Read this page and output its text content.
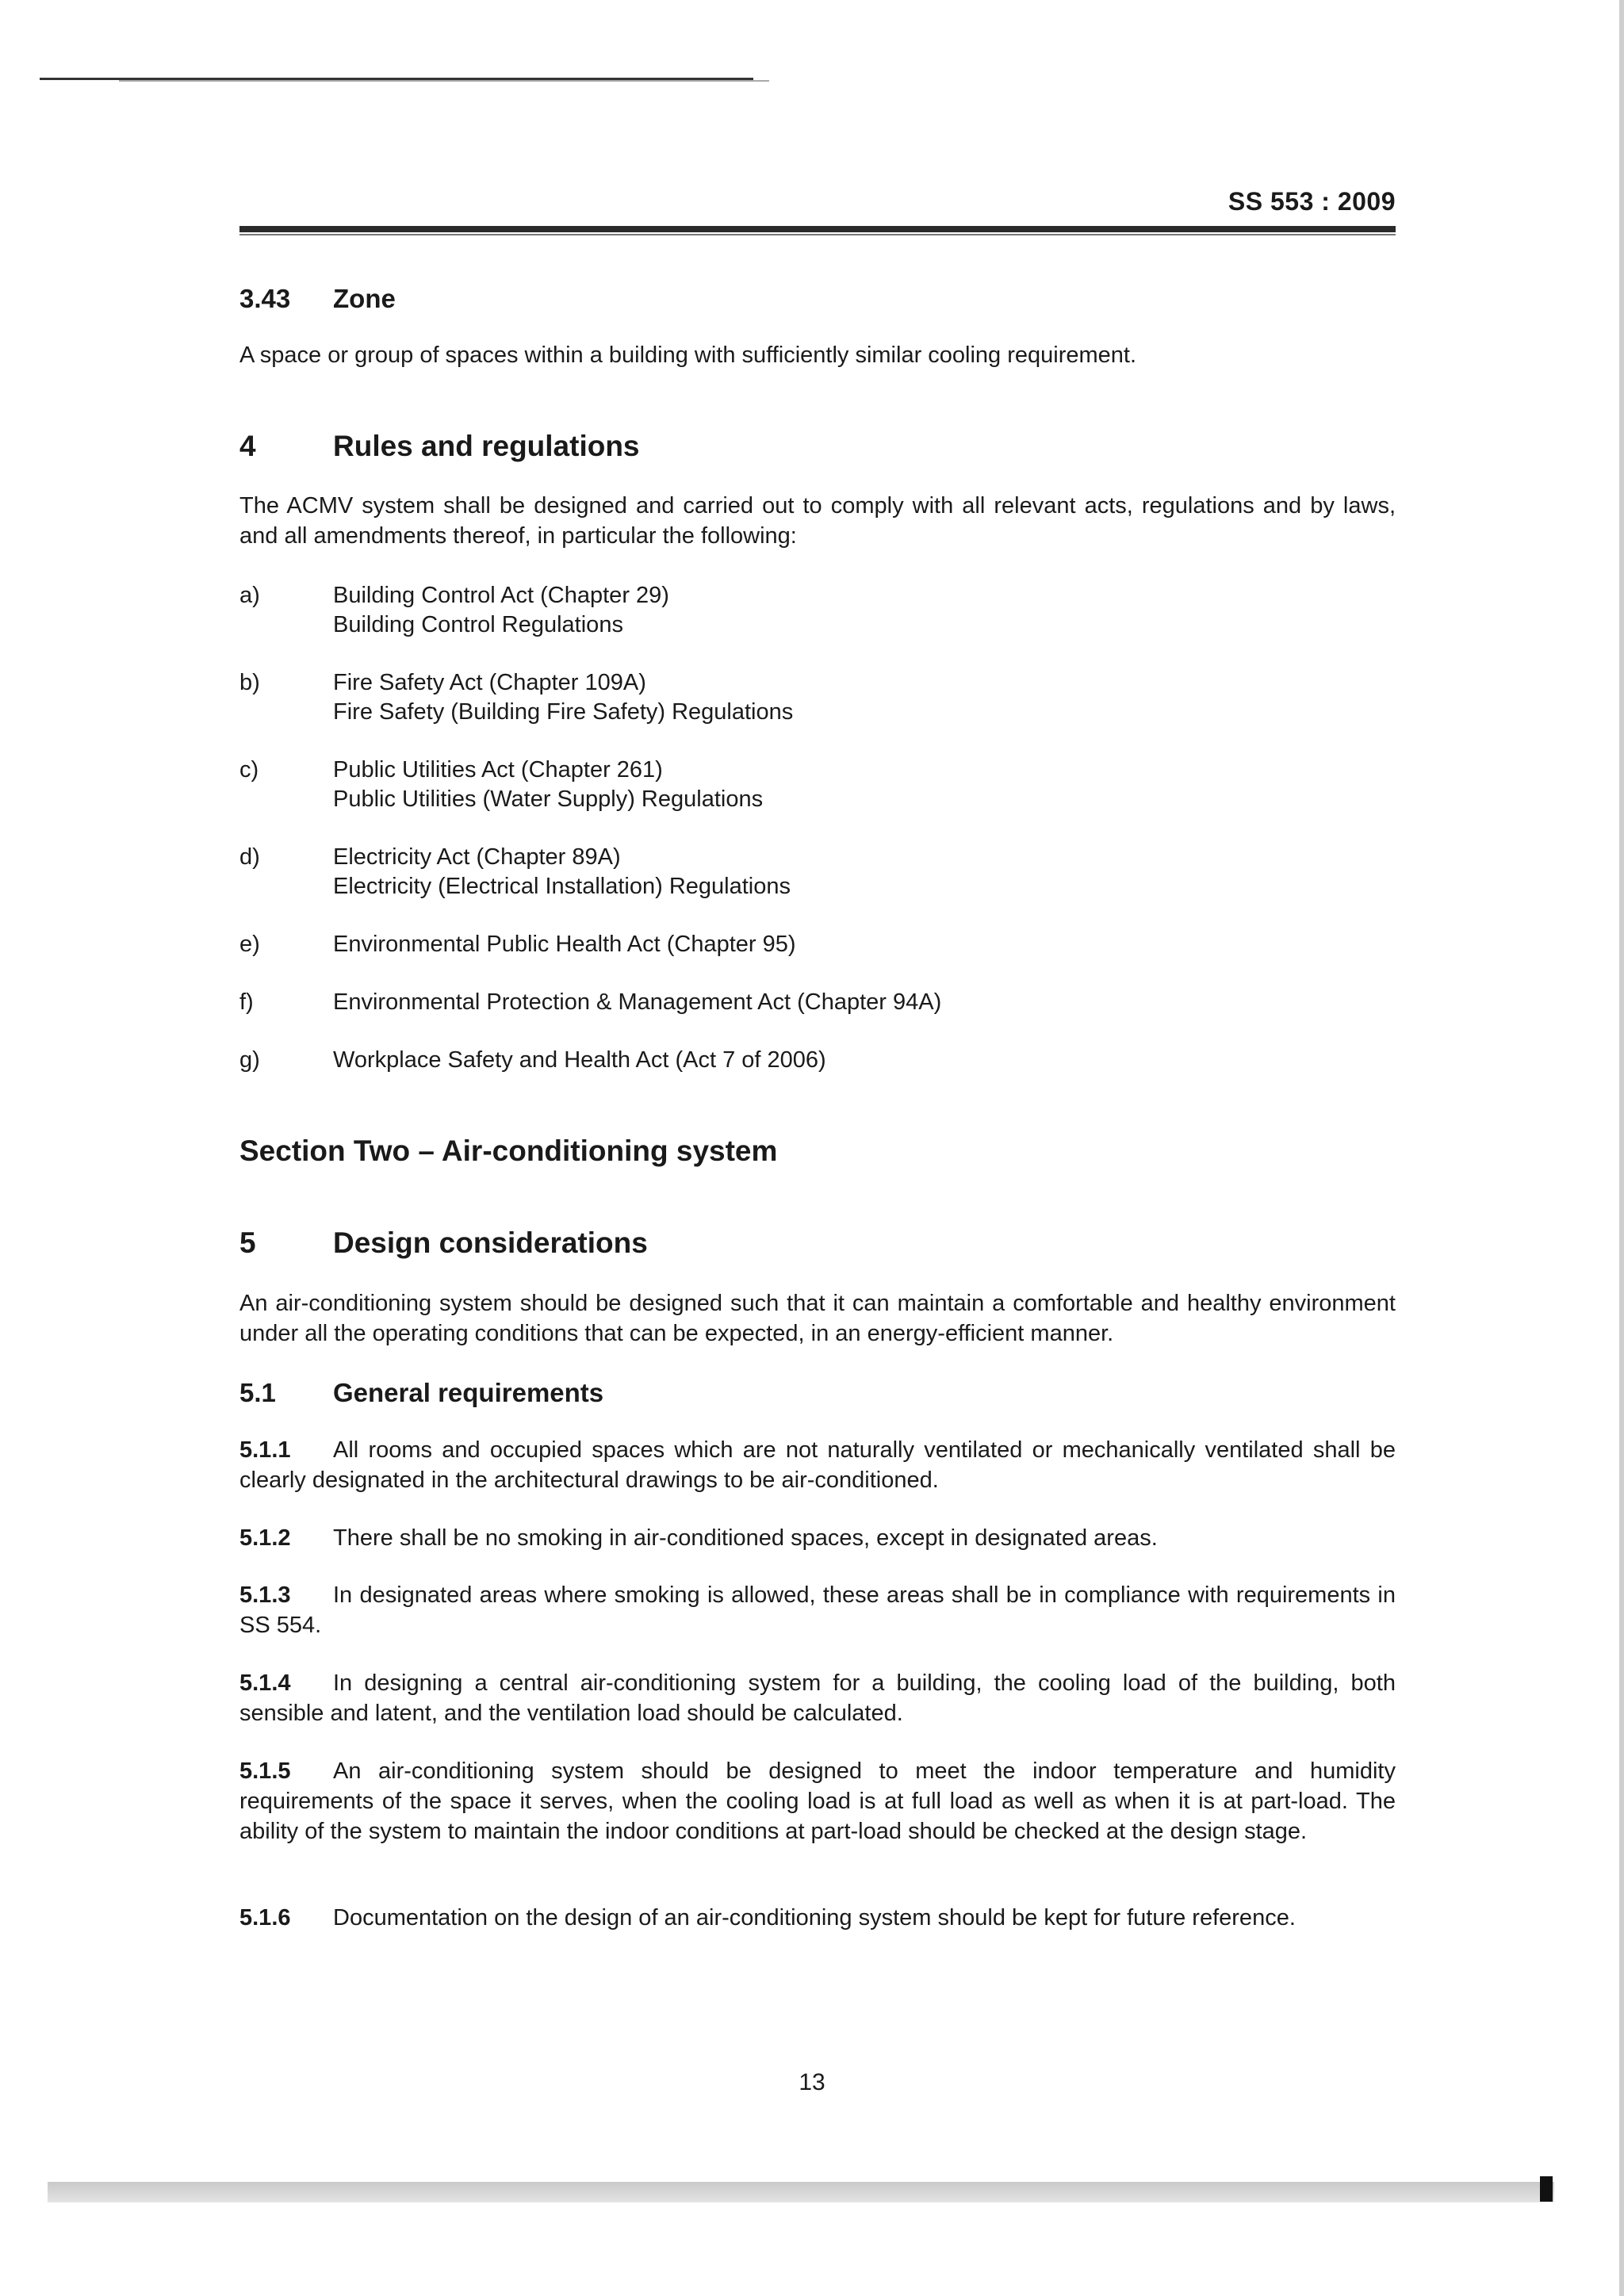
SS 553 : 2009
3.43 Zone
A space or group of spaces within a building with sufficiently similar cooling requirement.
4	Rules and regulations
The ACMV system shall be designed and carried out to comply with all relevant acts, regulations and by laws, and all amendments thereof, in particular the following:
a)	Building Control Act (Chapter 29)
Building Control Regulations
b)	Fire Safety Act (Chapter 109A)
Fire Safety (Building Fire Safety) Regulations
c)	Public Utilities Act (Chapter 261)
Public Utilities (Water Supply) Regulations
d)	Electricity Act (Chapter 89A)
Electricity (Electrical Installation) Regulations
e)	Environmental Public Health Act (Chapter 95)
f)	Environmental Protection & Management Act (Chapter 94A)
g)	Workplace Safety and Health Act (Act 7 of 2006)
Section Two – Air-conditioning system
5	Design considerations
An air-conditioning system should be designed such that it can maintain a comfortable and healthy environment under all the operating conditions that can be expected, in an energy-efficient manner.
5.1 General requirements
5.1.1 All rooms and occupied spaces which are not naturally ventilated or mechanically ventilated shall be clearly designated in the architectural drawings to be air-conditioned.
5.1.2 There shall be no smoking in air-conditioned spaces, except in designated areas.
5.1.3 In designated areas where smoking is allowed, these areas shall be in compliance with requirements in SS 554.
5.1.4 In designing a central air-conditioning system for a building, the cooling load of the building, both sensible and latent, and the ventilation load should be calculated.
5.1.5 An air-conditioning system should be designed to meet the indoor temperature and humidity requirements of the space it serves, when the cooling load is at full load as well as when it is at part-load. The ability of the system to maintain the indoor conditions at part-load should be checked at the design stage.
5.1.6 Documentation on the design of an air-conditioning system should be kept for future reference.
13
